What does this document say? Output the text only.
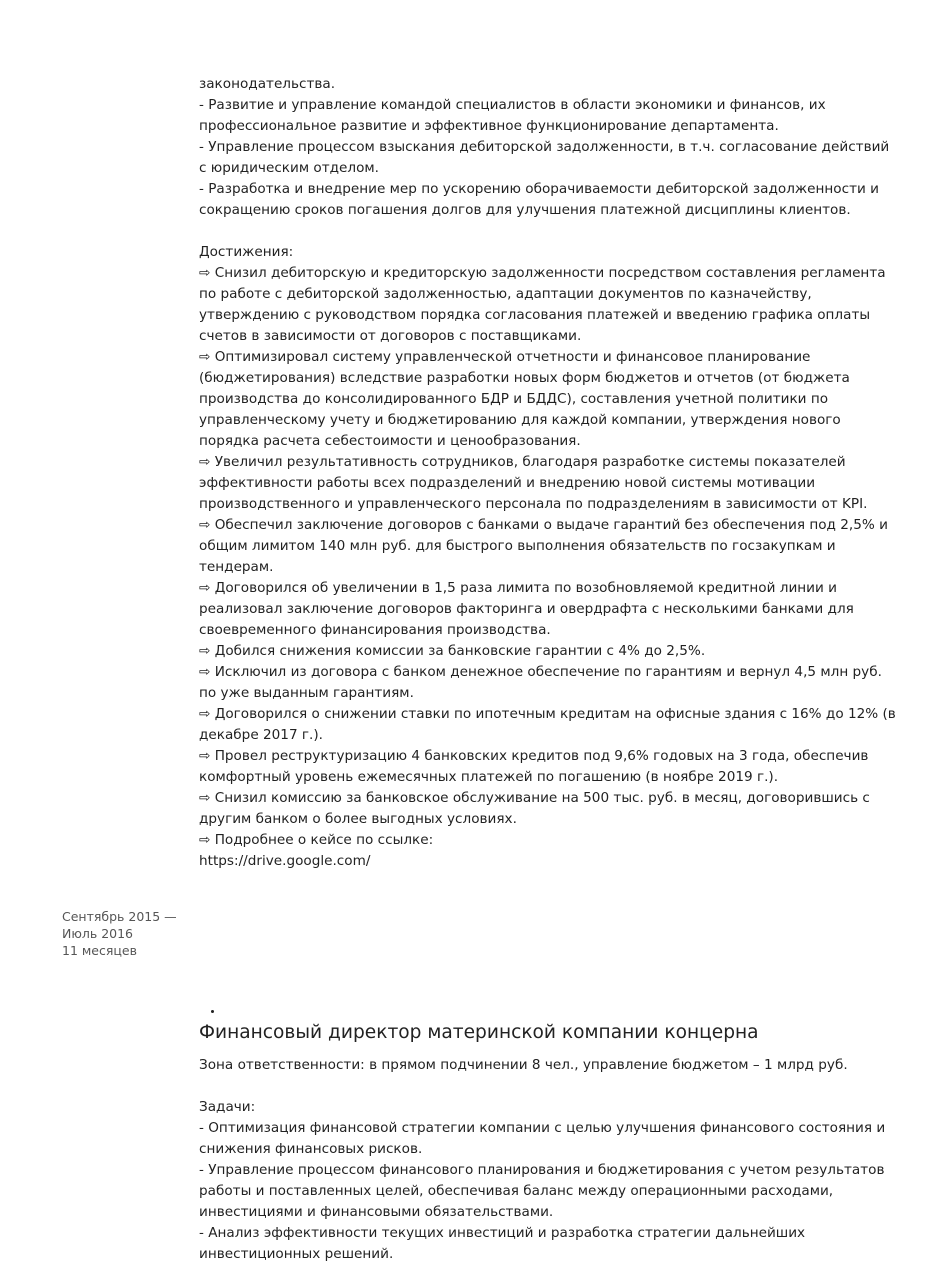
законодательства.
- Развитие и управление командой специалистов в области экономики и финансов, их профессиональное развитие и эффективное функционирование департамента.
- Управление процессом взыскания дебиторской задолженности, в т.ч. согласование действий с юридическим отделом.
- Разработка и внедрение мер по ускорению оборачиваемости дебиторской задолженности и сокращению сроков погашения долгов для улучшения платежной дисциплины клиентов.

Достижения:
⇨ Снизил дебиторскую и кредиторскую задолженности посредством составления регламента по работе с дебиторской задолженностью, адаптации документов по казначейству, утверждению с руководством порядка согласования платежей и введению графика оплаты счетов в зависимости от договоров с поставщиками.
⇨ Оптимизировал систему управленческой отчетности и финансовое планирование (бюджетирования) вследствие разработки новых форм бюджетов и отчетов (от бюджета производства до консолидированного БДР и БДДС), составления учетной политики по управленческому учету и бюджетированию для каждой компании, утверждения нового порядка расчета себестоимости и ценообразования.
⇨ Увеличил результативность сотрудников, благодаря разработке системы показателей эффективности работы всех подразделений и внедрению новой системы мотивации производственного и управленческого персонала по подразделениям в зависимости от KPI.
⇨ Обеспечил заключение договоров с банками о выдаче гарантий без обеспечения под 2,5% и общим лимитом 140 млн руб. для быстрого выполнения обязательств по госзакупкам и тендерам.
⇨ Договорился об увеличении в 1,5 раза лимита по возобновляемой кредитной линии и реализовал заключение договоров факторинга и овердрафта с несколькими банками для своевременного финансирования производства.
⇨ Добился снижения комиссии за банковские гарантии с 4% до 2,5%.
⇨ Исключил из договора с банком денежное обеспечение по гарантиям и вернул 4,5 млн руб. по уже выданным гарантиям.
⇨ Договорился о снижении ставки по ипотечным кредитам на офисные здания с 16% до 12% (в декабре 2017 г.).
⇨ Провел реструктуризацию 4 банковских кредитов под 9,6% годовых на 3 года, обеспечив комфортный уровень ежемесячных платежей по погашению (в ноябре 2019 г.).
⇨ Снизил комиссию за банковское обслуживание на 500 тыс. руб. в месяц, договорившись с другим банком о более выгодных условиях.
⇨ Подробнее о кейсе по ссылке:
https://drive.google.com/
Сентябрь 2015 —
Июль 2016
11 месяцев
Финансовый директор материнской компании концерна
Зона ответственности: в прямом подчинении 8 чел., управление бюджетом – 1 млрд руб.

Задачи:
- Оптимизация финансовой стратегии компании с целью улучшения финансового состояния и снижения финансовых рисков.
- Управление процессом финансового планирования и бюджетирования с учетом результатов работы и поставленных целей, обеспечивая баланс между операционными расходами, инвестициями и финансовыми обязательствами.
- Анализ эффективности текущих инвестиций и разработка стратегии дальнейших инвестиционных решений.
